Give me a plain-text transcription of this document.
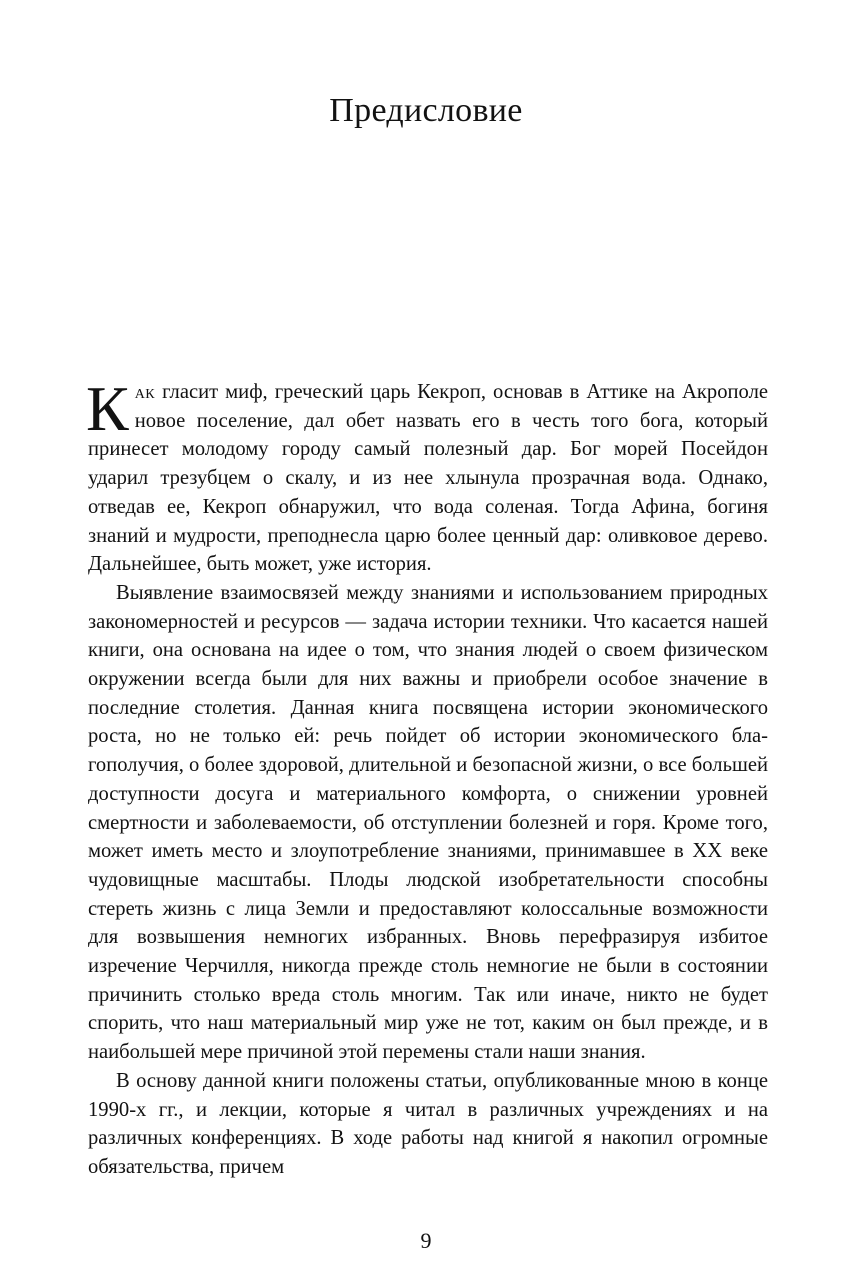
Предисловие

Как гласит миф, греческий царь Кекроп, основав в Аттике на Акрополе новое поселение, дал обет назвать его в честь того бога, который принесет молодому городу самый полезный дар. Бог морей Посейдон ударил трезубцем о скалу, и из нее хлынула прозрачная вода. Однако, отведав ее, Кекроп обнаружил, что вода соленая. Тогда Афина, богиня знаний и мудрости, преподнесла царю более ценный дар: оливковое дерево. Дальнейшее, быть может, уже история.

Выявление взаимосвязей между знаниями и использованием природных закономерностей и ресурсов — задача истории техники. Что касается нашей книги, она основана на идее о том, что знания людей о своем физическом окружении всегда были для них важны и приобрели особое значение в последние столетия. Данная книга посвящена истории экономического роста, но не только ей: речь пойдет об истории экономического благополучия, о более здоровой, длительной и безопасной жизни, о все большей доступности досуга и материального комфорта, о снижении уровней смертности и заболеваемости, об отступлении болезней и горя. Кроме того, может иметь место и злоупотребление знаниями, принимавшее в XX веке чудовищные масштабы. Плоды людской изобретательности способны стереть жизнь с лица Земли и предоставляют колоссальные возможности для возвышения немногих избранных. Вновь перефразируя избитое изречение Черчилля, никогда прежде столь немногие не были в состоянии причинить столько вреда столь многим. Так или иначе, никто не будет спорить, что наш материальный мир уже не тот, каким он был прежде, и в наибольшей мере причиной этой перемены стали наши знания.

В основу данной книги положены статьи, опубликованные мною в конце 1990-х гг., и лекции, которые я читал в различных учреждениях и на различных конференциях. В ходе работы над книгой я накопил огромные обязательства, причем

9
